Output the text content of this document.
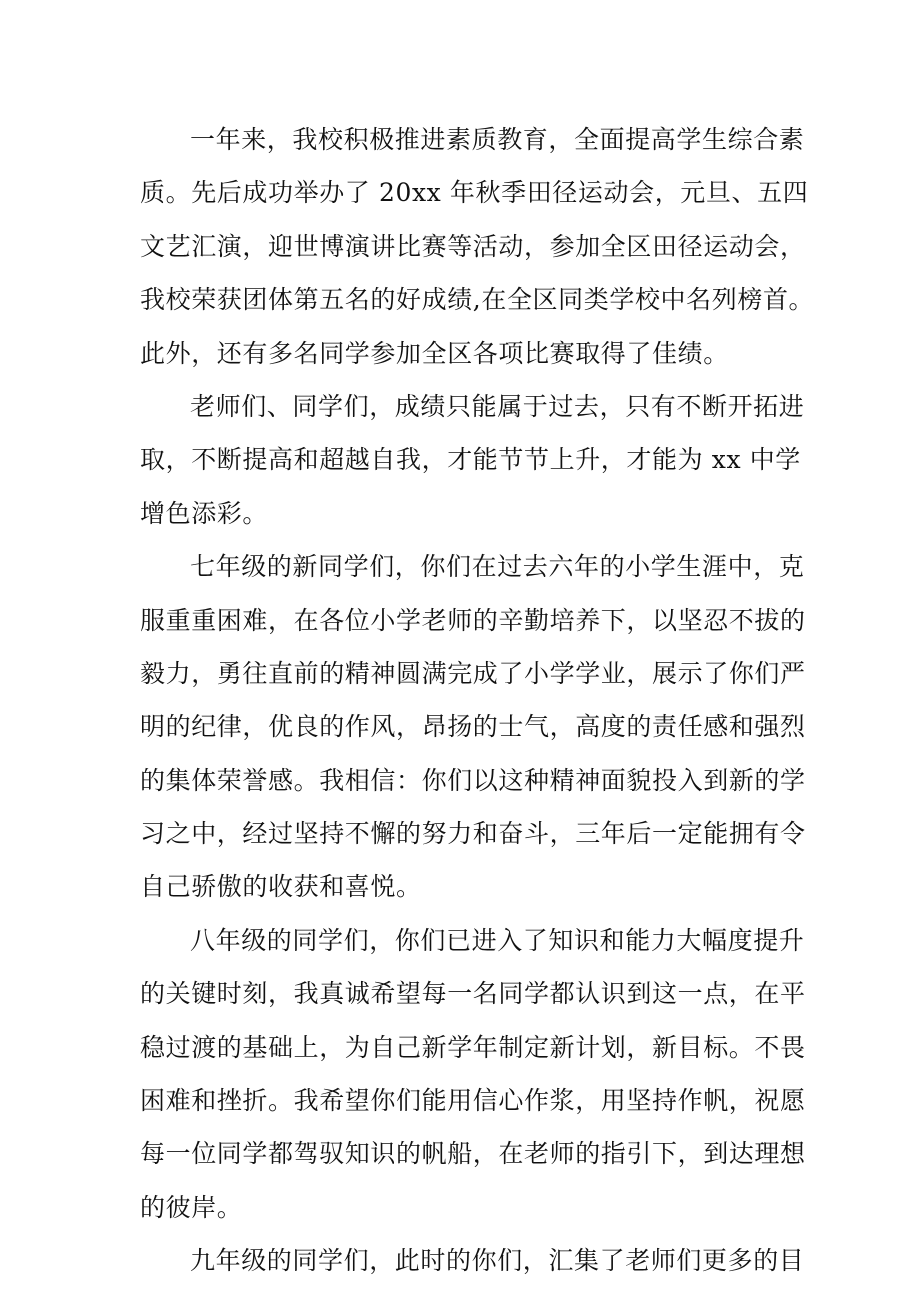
一年来，我校积极推进素质教育，全面提高学生综合素
质。先后成功举办了 20xx 年秋季田径运动会，元旦、五四
文艺汇演，迎世博演讲比赛等活动，参加全区田径运动会，
我校荣获团体第五名的好成绩,在全区同类学校中名列榜首。
此外，还有多名同学参加全区各项比赛取得了佳绩。
老师们、同学们，成绩只能属于过去，只有不断开拓进
取，不断提高和超越自我，才能节节上升，才能为 xx 中学
增色添彩。
七年级的新同学们，你们在过去六年的小学生涯中，克
服重重困难，在各位小学老师的辛勤培养下，以坚忍不拔的
毅力，勇往直前的精神圆满完成了小学学业，展示了你们严
明的纪律，优良的作风，昂扬的士气，高度的责任感和强烈
的集体荣誉感。我相信：你们以这种精神面貌投入到新的学
习之中，经过坚持不懈的努力和奋斗，三年后一定能拥有令
自己骄傲的收获和喜悦。
八年级的同学们，你们已进入了知识和能力大幅度提升
的关键时刻，我真诚希望每一名同学都认识到这一点，在平
稳过渡的基础上，为自己新学年制定新计划，新目标。不畏
困难和挫折。我希望你们能用信心作浆，用坚持作帆，祝愿
每一位同学都驾驭知识的帆船，在老师的指引下，到达理想
的彼岸。
九年级的同学们，此时的你们，汇集了老师们更多的目
